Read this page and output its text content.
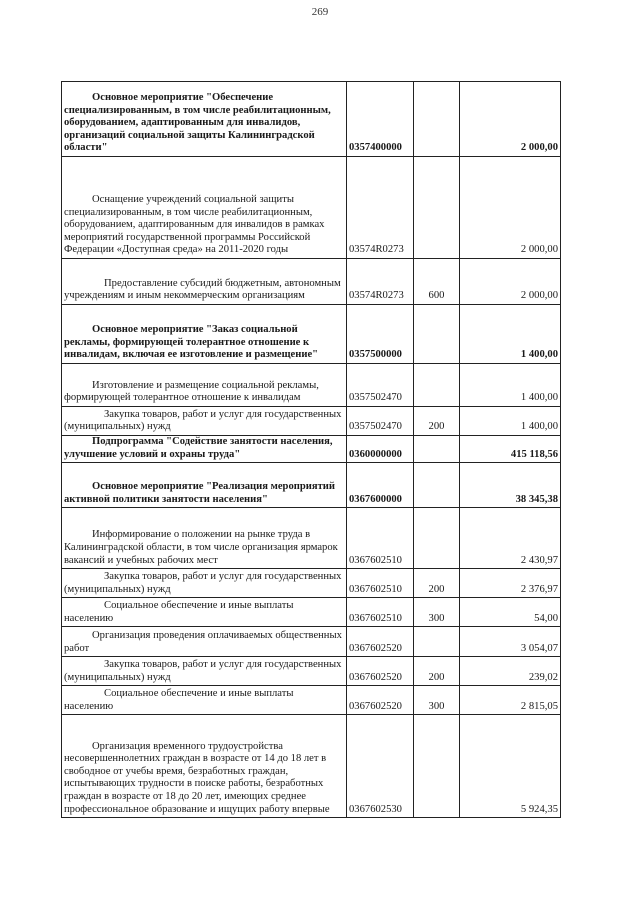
269
Основное мероприятие "Обеспечение специализированным, в том числе реабилитационным, оборудованием, адаптированным для инвалидов, организаций социальной защиты Калининградской области"	0357400000		2 000,00
Оснащение учреждений социальной защиты специализированным, в том числе реабилитационным, оборудованием, адаптированным для инвалидов в рамках мероприятий государственной программы Российской Федерации «Доступная среда» на 2011-2020 годы	03574R0273		2 000,00
Предоставление субсидий бюджетным, автономным учреждениям и иным некоммерческим организациям	03574R0273	600	2 000,00
Основное мероприятие "Заказ социальной рекламы, формирующей толерантное отношение к инвалидам, включая ее изготовление и размещение"	0357500000		1 400,00
Изготовление и размещение социальной рекламы, формирующей толерантное отношение к инвалидам	0357502470		1 400,00
Закупка товаров, работ и услуг для государственных (муниципальных) нужд	0357502470	200	1 400,00
Подпрограмма "Содействие занятости населения, улучшение условий и охраны труда"	0360000000		415 118,56
Основное мероприятие "Реализация мероприятий активной политики занятости населения"	0367600000		38 345,38
Информирование о положении на рынке труда в Калининградской области, в том числе организация ярмарок вакансий и учебных рабочих мест	0367602510		2 430,97
Закупка товаров, работ и услуг для государственных (муниципальных) нужд	0367602510	200	2 376,97
Социальное обеспечение и иные выплаты населению	0367602510	300	54,00
Организация проведения оплачиваемых общественных работ	0367602520		3 054,07
Закупка товаров, работ и услуг для государственных (муниципальных) нужд	0367602520	200	239,02
Социальное обеспечение и иные выплаты населению	0367602520	300	2 815,05
Организация временного трудоустройства несовершеннолетних граждан в возрасте от 14 до 18 лет в свободное от учебы время, безработных граждан, испытывающих трудности в поиске работы, безработных граждан в возрасте от 18 до 20 лет, имеющих среднее профессиональное образование и ищущих работу впервые	0367602530		5 924,35
